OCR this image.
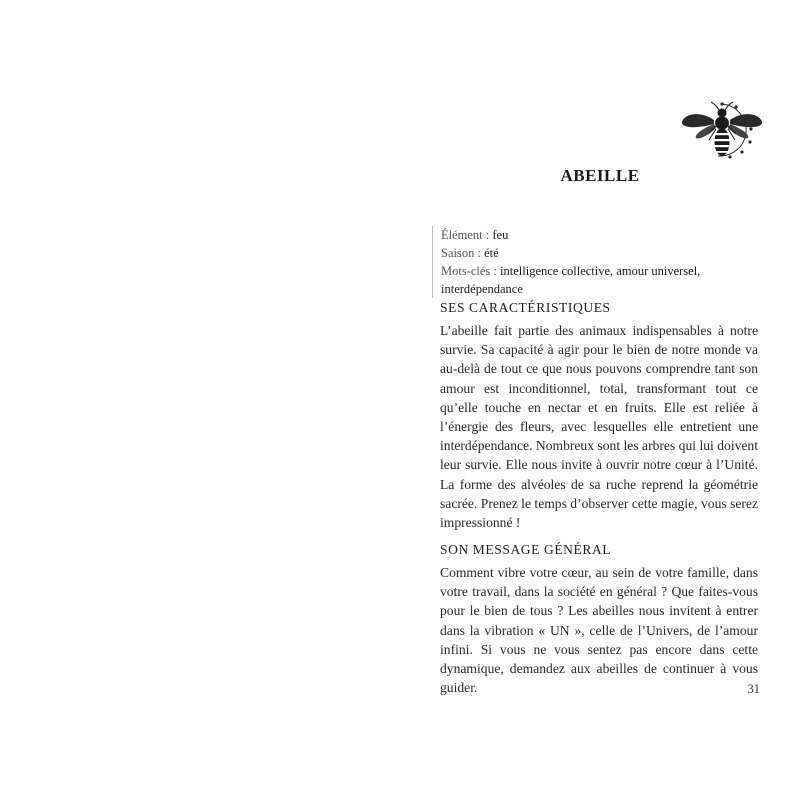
ABEILLE
Élément : feu
Saison : été
Mots-clés : intelligence collective, amour universel, interdépendance
SES CARACTÉRISTIQUES
L’abeille fait partie des animaux indispensables à notre survie. Sa capacité à agir pour le bien de notre monde va au-delà de tout ce que nous pouvons comprendre tant son amour est inconditionnel, total, transformant tout ce qu’elle touche en nectar et en fruits. Elle est reliée à l’énergie des fleurs, avec lesquelles elle entretient une interdépendance. Nombreux sont les arbres qui lui doivent leur survie. Elle nous invite à ouvrir notre cœur à l’Unité. La forme des alvéoles de sa ruche reprend la géométrie sacrée. Prenez le temps d’observer cette magie, vous serez impressionné !
SON MESSAGE GÉNÉRAL
Comment vibre votre cœur, au sein de votre famille, dans votre travail, dans la société en général ? Que faites-vous pour le bien de tous ? Les abeilles nous invitent à entrer dans la vibration « UN », celle de l’Univers, de l’amour infini. Si vous ne vous sentez pas encore dans cette dynamique, demandez aux abeilles de continuer à vous guider.	31
